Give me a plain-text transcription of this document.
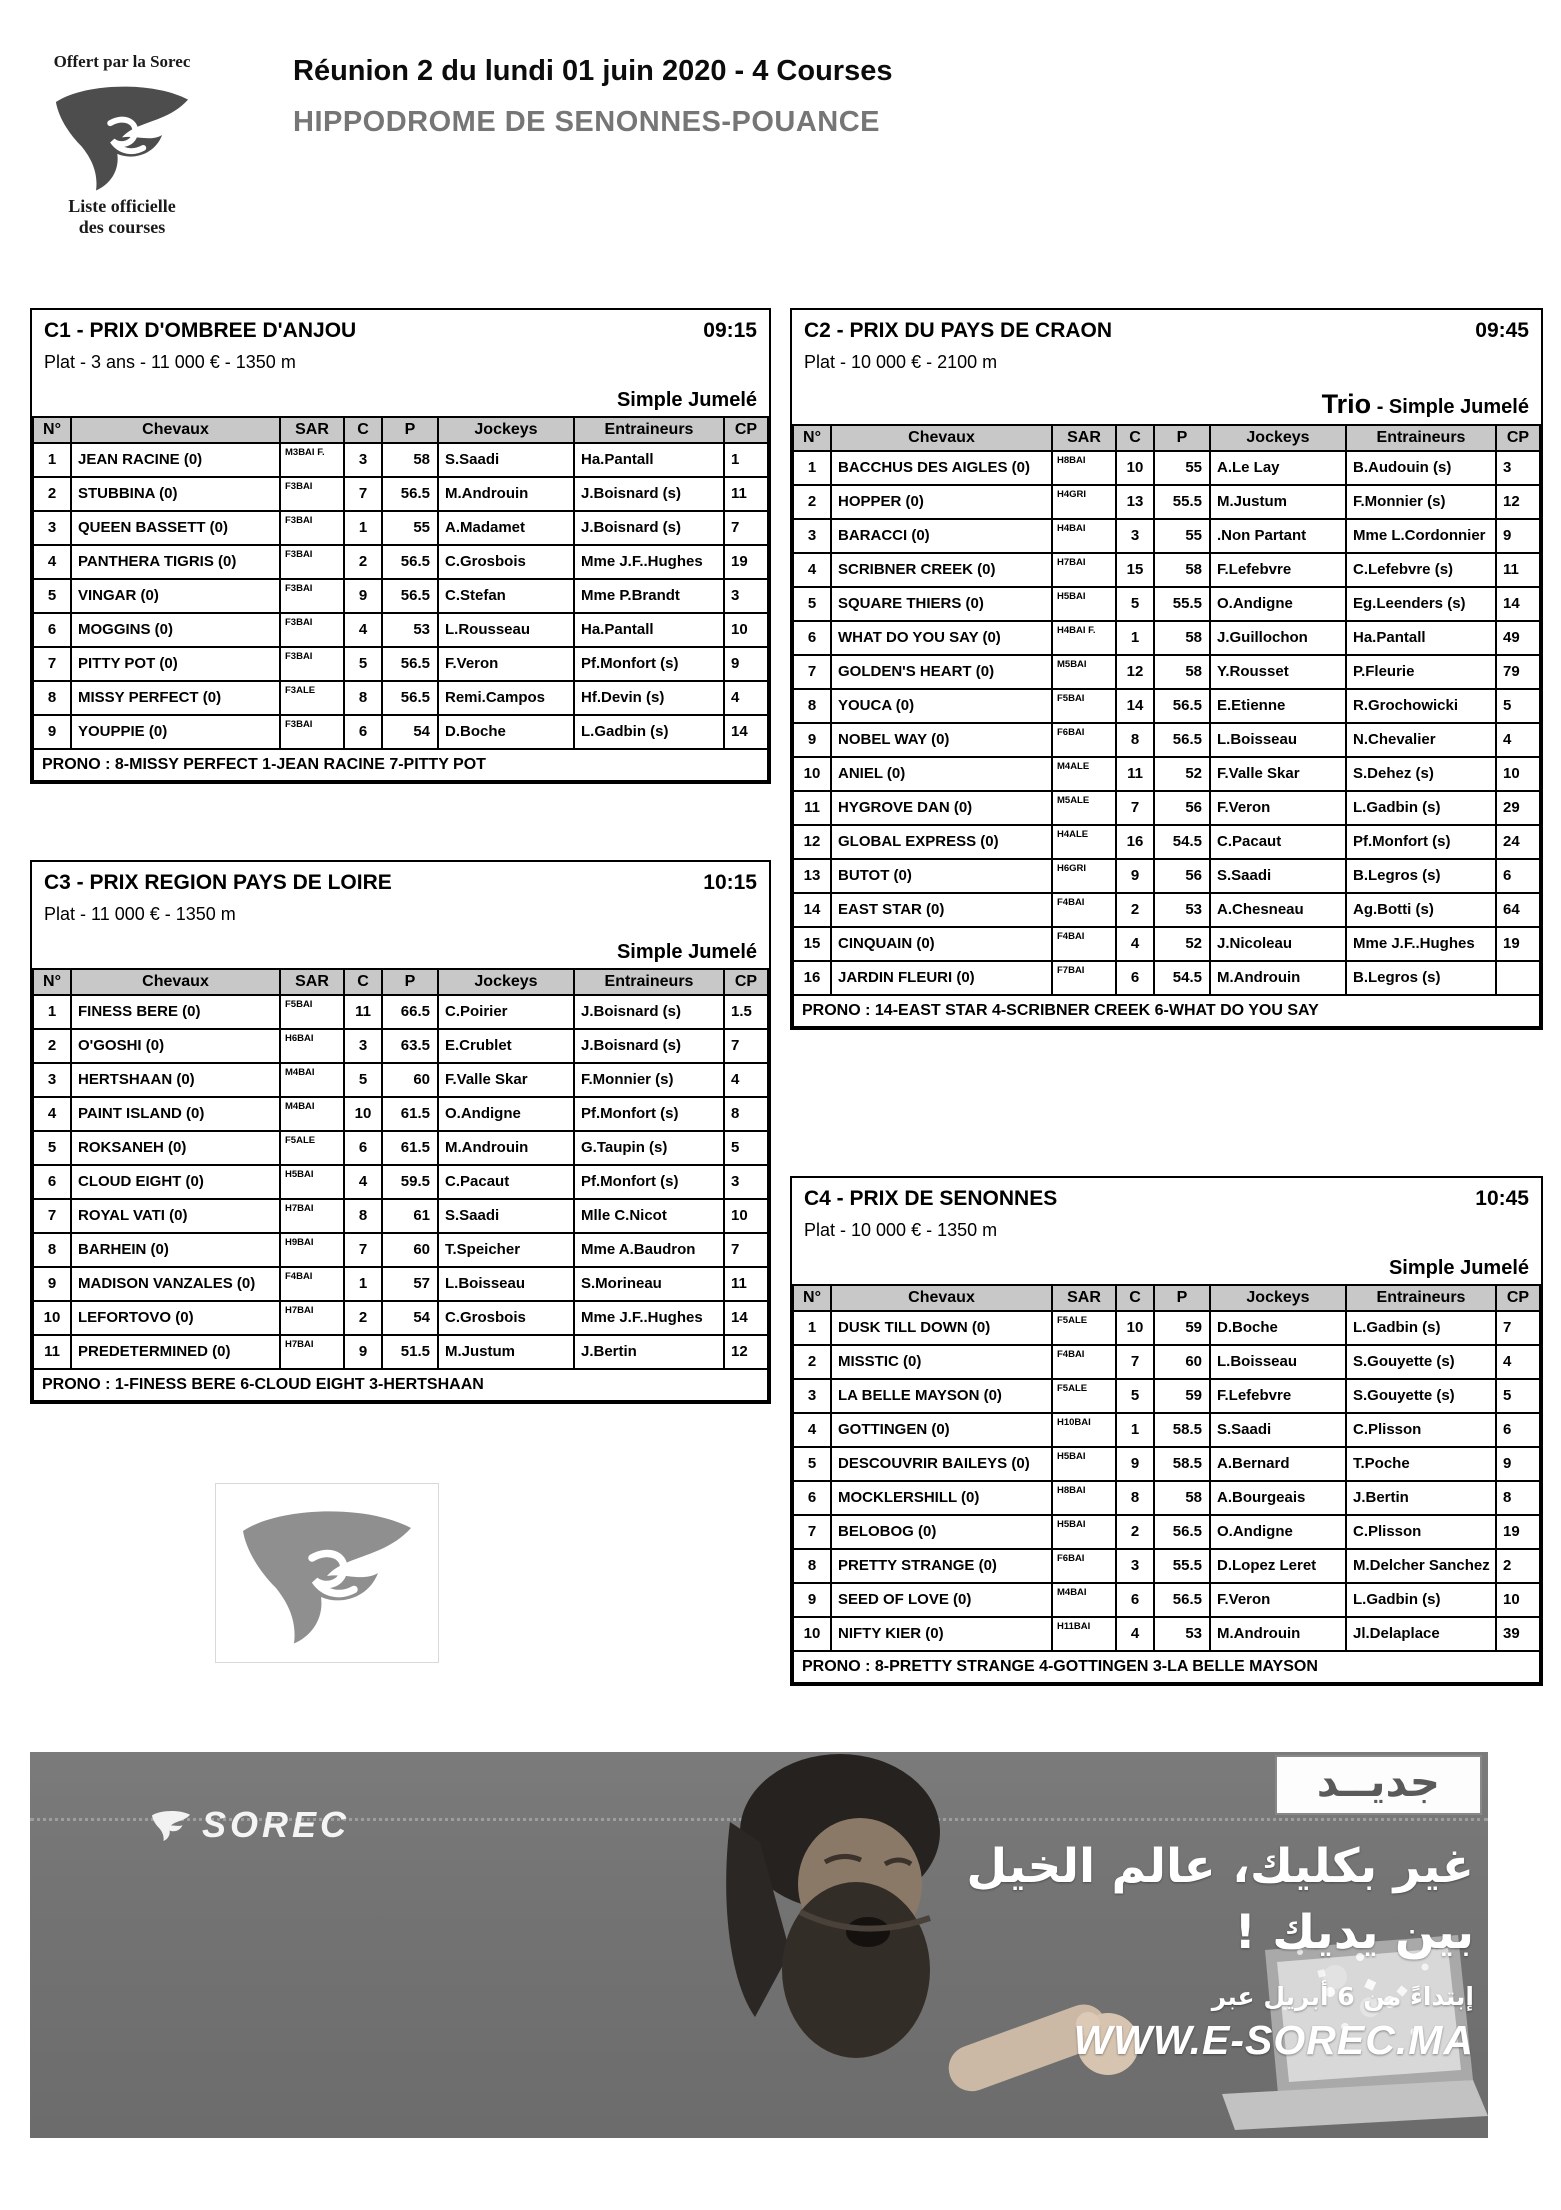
Offert par la Sorec
Liste officielle
des courses
Réunion 2 du lundi 01 juin 2020 - 4 Courses
HIPPODROME DE SENONNES-POUANCE
C1 - PRIX D'OMBREE D'ANJOU	09:15
Plat - 3 ans - 11 000 € - 1350 m
Simple Jumelé
N°	Chevaux	SAR	C	P	Jockeys	Entraineurs	CP
1	JEAN RACINE (0)	M3BAI F.	3	58	S.Saadi	Ha.Pantall	1
2	STUBBINA (0)	F3BAI	7	56.5	M.Androuin	J.Boisnard (s)	11
3	QUEEN BASSETT (0)	F3BAI	1	55	A.Madamet	J.Boisnard (s)	7
4	PANTHERA TIGRIS (0)	F3BAI	2	56.5	C.Grosbois	Mme J.F..Hughes	19
5	VINGAR (0)	F3BAI	9	56.5	C.Stefan	Mme P.Brandt	3
6	MOGGINS (0)	F3BAI	4	53	L.Rousseau	Ha.Pantall	10
7	PITTY POT (0)	F3BAI	5	56.5	F.Veron	Pf.Monfort (s)	9
8	MISSY PERFECT (0)	F3ALE	8	56.5	Remi.Campos	Hf.Devin (s)	4
9	YOUPPIE (0)	F3BAI	6	54	D.Boche	L.Gadbin (s)	14
PRONO : 8-MISSY PERFECT 1-JEAN RACINE 7-PITTY POT							
C2 - PRIX DU PAYS DE CRAON	09:45
Plat - 10 000 € - 2100 m
Trio - Simple Jumelé
N°	Chevaux	SAR	C	P	Jockeys	Entraineurs	CP
1	BACCHUS DES AIGLES (0)	H8BAI	10	55	A.Le Lay	B.Audouin (s)	3
2	HOPPER (0)	H4GRI	13	55.5	M.Justum	F.Monnier (s)	12
3	BARACCI (0)	H4BAI	3	55	.Non Partant	Mme L.Cordonnier	9
4	SCRIBNER CREEK (0)	H7BAI	15	58	F.Lefebvre	C.Lefebvre (s)	11
5	SQUARE THIERS (0)	H5BAI	5	55.5	O.Andigne	Eg.Leenders (s)	14
6	WHAT DO YOU SAY (0)	H4BAI F.	1	58	J.Guillochon	Ha.Pantall	49
7	GOLDEN'S HEART (0)	M5BAI	12	58	Y.Rousset	P.Fleurie	79
8	YOUCA (0)	F5BAI	14	56.5	E.Etienne	R.Grochowicki	5
9	NOBEL WAY (0)	F6BAI	8	56.5	L.Boisseau	N.Chevalier	4
10	ANIEL (0)	M4ALE	11	52	F.Valle Skar	S.Dehez (s)	10
11	HYGROVE DAN (0)	M5ALE	7	56	F.Veron	L.Gadbin (s)	29
12	GLOBAL EXPRESS (0)	H4ALE	16	54.5	C.Pacaut	Pf.Monfort (s)	24
13	BUTOT (0)	H6GRI	9	56	S.Saadi	B.Legros (s)	6
14	EAST STAR (0)	F4BAI	2	53	A.Chesneau	Ag.Botti (s)	64
15	CINQUAIN (0)	F4BAI	4	52	J.Nicoleau	Mme J.F..Hughes	19
16	JARDIN FLEURI (0)	F7BAI	6	54.5	M.Androuin	B.Legros (s)	
PRONO : 14-EAST STAR 4-SCRIBNER CREEK 6-WHAT DO YOU SAY							
C3 - PRIX REGION PAYS DE LOIRE	10:15
Plat - 11 000 € - 1350 m
Simple Jumelé
N°	Chevaux	SAR	C	P	Jockeys	Entraineurs	CP
1	FINESS BERE (0)	F5BAI	11	66.5	C.Poirier	J.Boisnard (s)	1.5
2	O'GOSHI (0)	H6BAI	3	63.5	E.Crublet	J.Boisnard (s)	7
3	HERTSHAAN (0)	M4BAI	5	60	F.Valle Skar	F.Monnier (s)	4
4	PAINT ISLAND (0)	M4BAI	10	61.5	O.Andigne	Pf.Monfort (s)	8
5	ROKSANEH (0)	F5ALE	6	61.5	M.Androuin	G.Taupin (s)	5
6	CLOUD EIGHT (0)	H5BAI	4	59.5	C.Pacaut	Pf.Monfort (s)	3
7	ROYAL VATI (0)	H7BAI	8	61	S.Saadi	Mlle C.Nicot	10
8	BARHEIN (0)	H9BAI	7	60	T.Speicher	Mme A.Baudron	7
9	MADISON VANZALES (0)	F4BAI	1	57	L.Boisseau	S.Morineau	11
10	LEFORTOVO (0)	H7BAI	2	54	C.Grosbois	Mme J.F..Hughes	14
11	PREDETERMINED (0)	H7BAI	9	51.5	M.Justum	J.Bertin	12
PRONO : 1-FINESS BERE 6-CLOUD EIGHT 3-HERTSHAAN							
C4 - PRIX DE SENONNES	10:45
Plat - 10 000 € - 1350 m
Simple Jumelé
N°	Chevaux	SAR	C	P	Jockeys	Entraineurs	CP
1	DUSK TILL DOWN (0)	F5ALE	10	59	D.Boche	L.Gadbin (s)	7
2	MISSTIC (0)	F4BAI	7	60	L.Boisseau	S.Gouyette (s)	4
3	LA BELLE MAYSON (0)	F5ALE	5	59	F.Lefebvre	S.Gouyette (s)	5
4	GOTTINGEN (0)	H10BAI	1	58.5	S.Saadi	C.Plisson	6
5	DESCOUVRIR BAILEYS (0)	H5BAI	9	58.5	A.Bernard	T.Poche	9
6	MOCKLERSHILL (0)	H8BAI	8	58	A.Bourgeais	J.Bertin	8
7	BELOBOG (0)	H5BAI	2	56.5	O.Andigne	C.Plisson	19
8	PRETTY STRANGE (0)	F6BAI	3	55.5	D.Lopez Leret	M.Delcher Sanchez	2
9	SEED OF LOVE (0)	M4BAI	6	56.5	F.Veron	L.Gadbin (s)	10
10	NIFTY KIER (0)	H11BAI	4	53	M.Androuin	Jl.Delaplace	39
PRONO : 8-PRETTY STRANGE 4-GOTTINGEN 3-LA BELLE MAYSON							
SOREC
جديــد
غير بكليك، عالم الخيل
بين يديك !
إبتداءً من 6 أبريل عبر
WWW.E-SOREC.MA
